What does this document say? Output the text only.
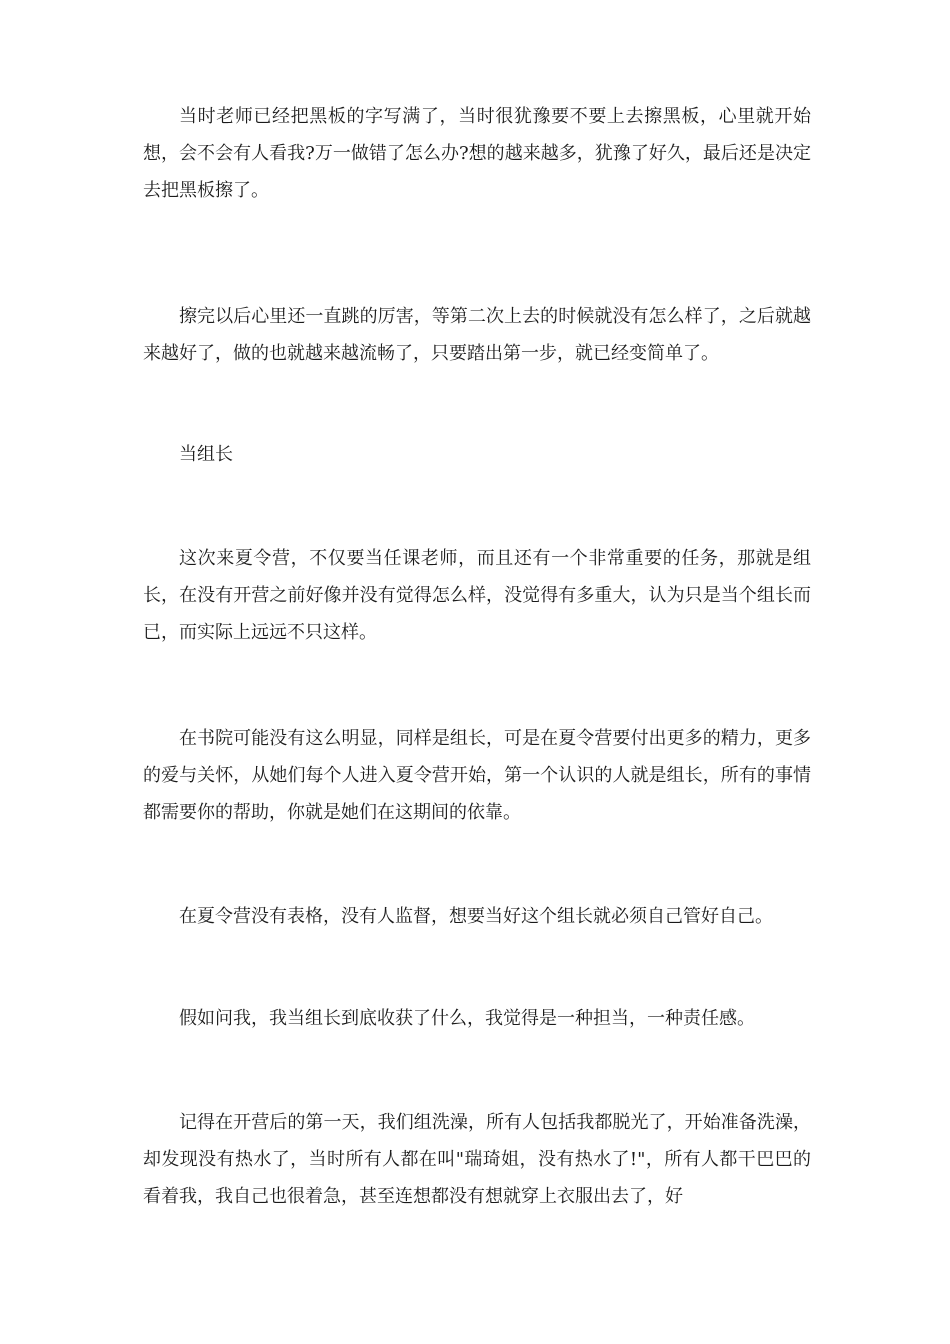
当时老师已经把黑板的字写满了，当时很犹豫要不要上去擦黑板，心里就开始想，会不会有人看我?万一做错了怎么办?想的越来越多，犹豫了好久，最后还是决定去把黑板擦了。

擦完以后心里还一直跳的厉害，等第二次上去的时候就没有怎么样了，之后就越来越好了，做的也就越来越流畅了，只要踏出第一步，就已经变简单了。

当组长

这次来夏令营，不仅要当任课老师，而且还有一个非常重要的任务，那就是组长，在没有开营之前好像并没有觉得怎么样，没觉得有多重大，认为只是当个组长而已，而实际上远远不只这样。

在书院可能没有这么明显，同样是组长，可是在夏令营要付出更多的精力，更多的爱与关怀，从她们每个人进入夏令营开始，第一个认识的人就是组长，所有的事情都需要你的帮助，你就是她们在这期间的依靠。

在夏令营没有表格，没有人监督，想要当好这个组长就必须自己管好自己。

假如问我，我当组长到底收获了什么，我觉得是一种担当，一种责任感。

记得在开营后的第一天，我们组洗澡，所有人包括我都脱光了，开始准备洗澡，却发现没有热水了，当时所有人都在叫"瑞琦姐，没有热水了!"，所有人都干巴巴的看着我，我自己也很着急，甚至连想都没有想就穿上衣服出去了，好
